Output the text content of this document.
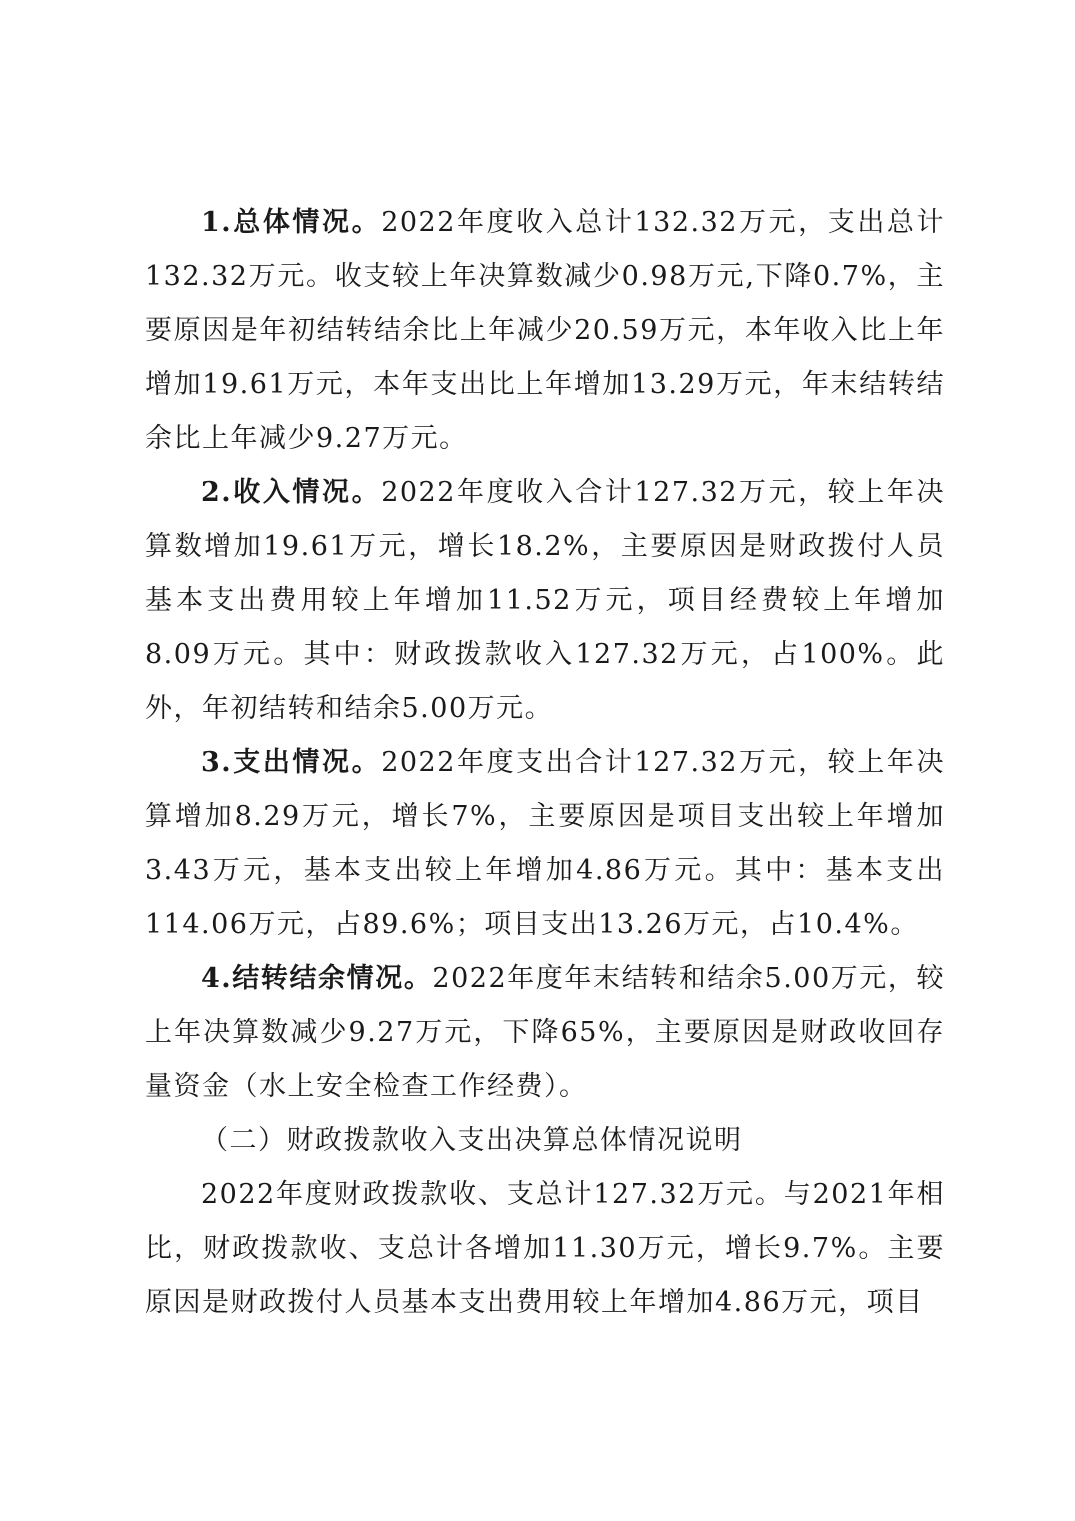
1.总体情况。2022年度收入总计132.32万元，支出总计132.32万元。收支较上年决算数减少0.98万元,下降0.7%，主要原因是年初结转结余比上年减少20.59万元，本年收入比上年增加19.61万元，本年支出比上年增加13.29万元，年末结转结余比上年减少9.27万元。

2.收入情况。2022年度收入合计127.32万元，较上年决算数增加19.61万元，增长18.2%，主要原因是财政拨付人员基本支出费用较上年增加11.52万元，项目经费较上年增加8.09万元。其中：财政拨款收入127.32万元，占100%。此外，年初结转和结余5.00万元。

3.支出情况。2022年度支出合计127.32万元，较上年决算增加8.29万元，增长7%，主要原因是项目支出较上年增加3.43万元，基本支出较上年增加4.86万元。其中：基本支出114.06万元，占89.6%；项目支出13.26万元，占10.4%。

4.结转结余情况。2022年度年末结转和结余5.00万元，较上年决算数减少9.27万元，下降65%，主要原因是财政收回存量资金（水上安全检查工作经费）。

（二）财政拨款收入支出决算总体情况说明

2022年度财政拨款收、支总计127.32万元。与2021年相比，财政拨款收、支总计各增加11.30万元，增长9.7%。主要原因是财政拨付人员基本支出费用较上年增加4.86万元，项目
